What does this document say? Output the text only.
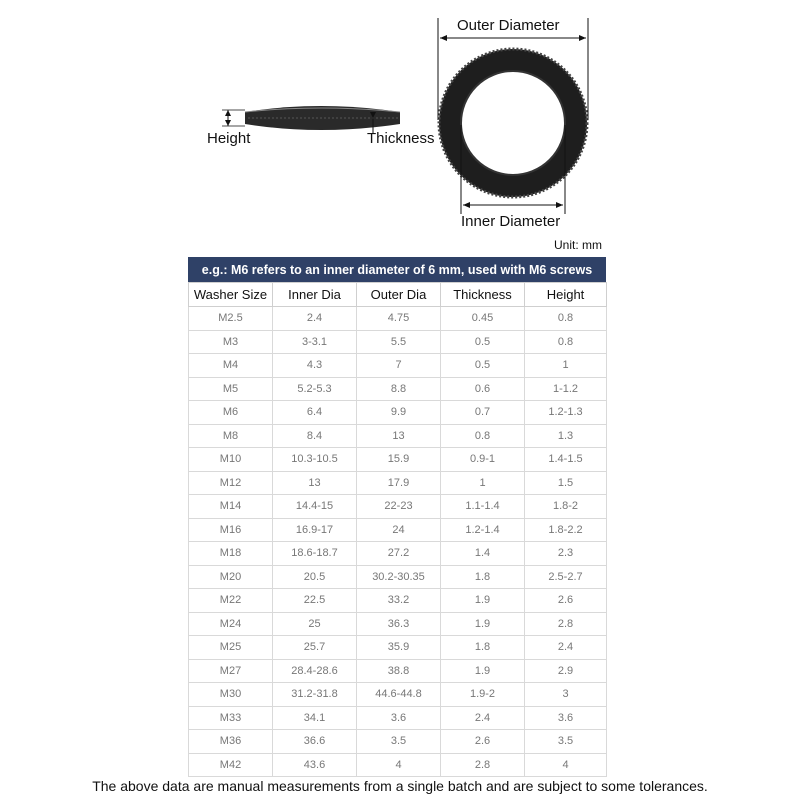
Outer Diameter
Inner Diameter
Height	Thickness
Unit: mm
e.g.: M6 refers to an inner diameter of 6 mm, used with M6 screws
Washer Size	Inner Dia	Outer Dia	Thickness	Height
M2.5	2.4	4.75	0.45	0.8
M3	3-3.1	5.5	0.5	0.8
M4	4.3	7	0.5	1
M5	5.2-5.3	8.8	0.6	1-1.2
M6	6.4	9.9	0.7	1.2-1.3
M8	8.4	13	0.8	1.3
M10	10.3-10.5	15.9	0.9-1	1.4-1.5
M12	13	17.9	1	1.5
M14	14.4-15	22-23	1.1-1.4	1.8-2
M16	16.9-17	24	1.2-1.4	1.8-2.2
M18	18.6-18.7	27.2	1.4	2.3
M20	20.5	30.2-30.35	1.8	2.5-2.7
M22	22.5	33.2	1.9	2.6
M24	25	36.3	1.9	2.8
M25	25.7	35.9	1.8	2.4
M27	28.4-28.6	38.8	1.9	2.9
M30	31.2-31.8	44.6-44.8	1.9-2	3
M33	34.1	3.6	2.4	3.6
M36	36.6	3.5	2.6	3.5
M42	43.6	4	2.8	4
The above data are manual measurements from a single batch and are subject to some tolerances.
